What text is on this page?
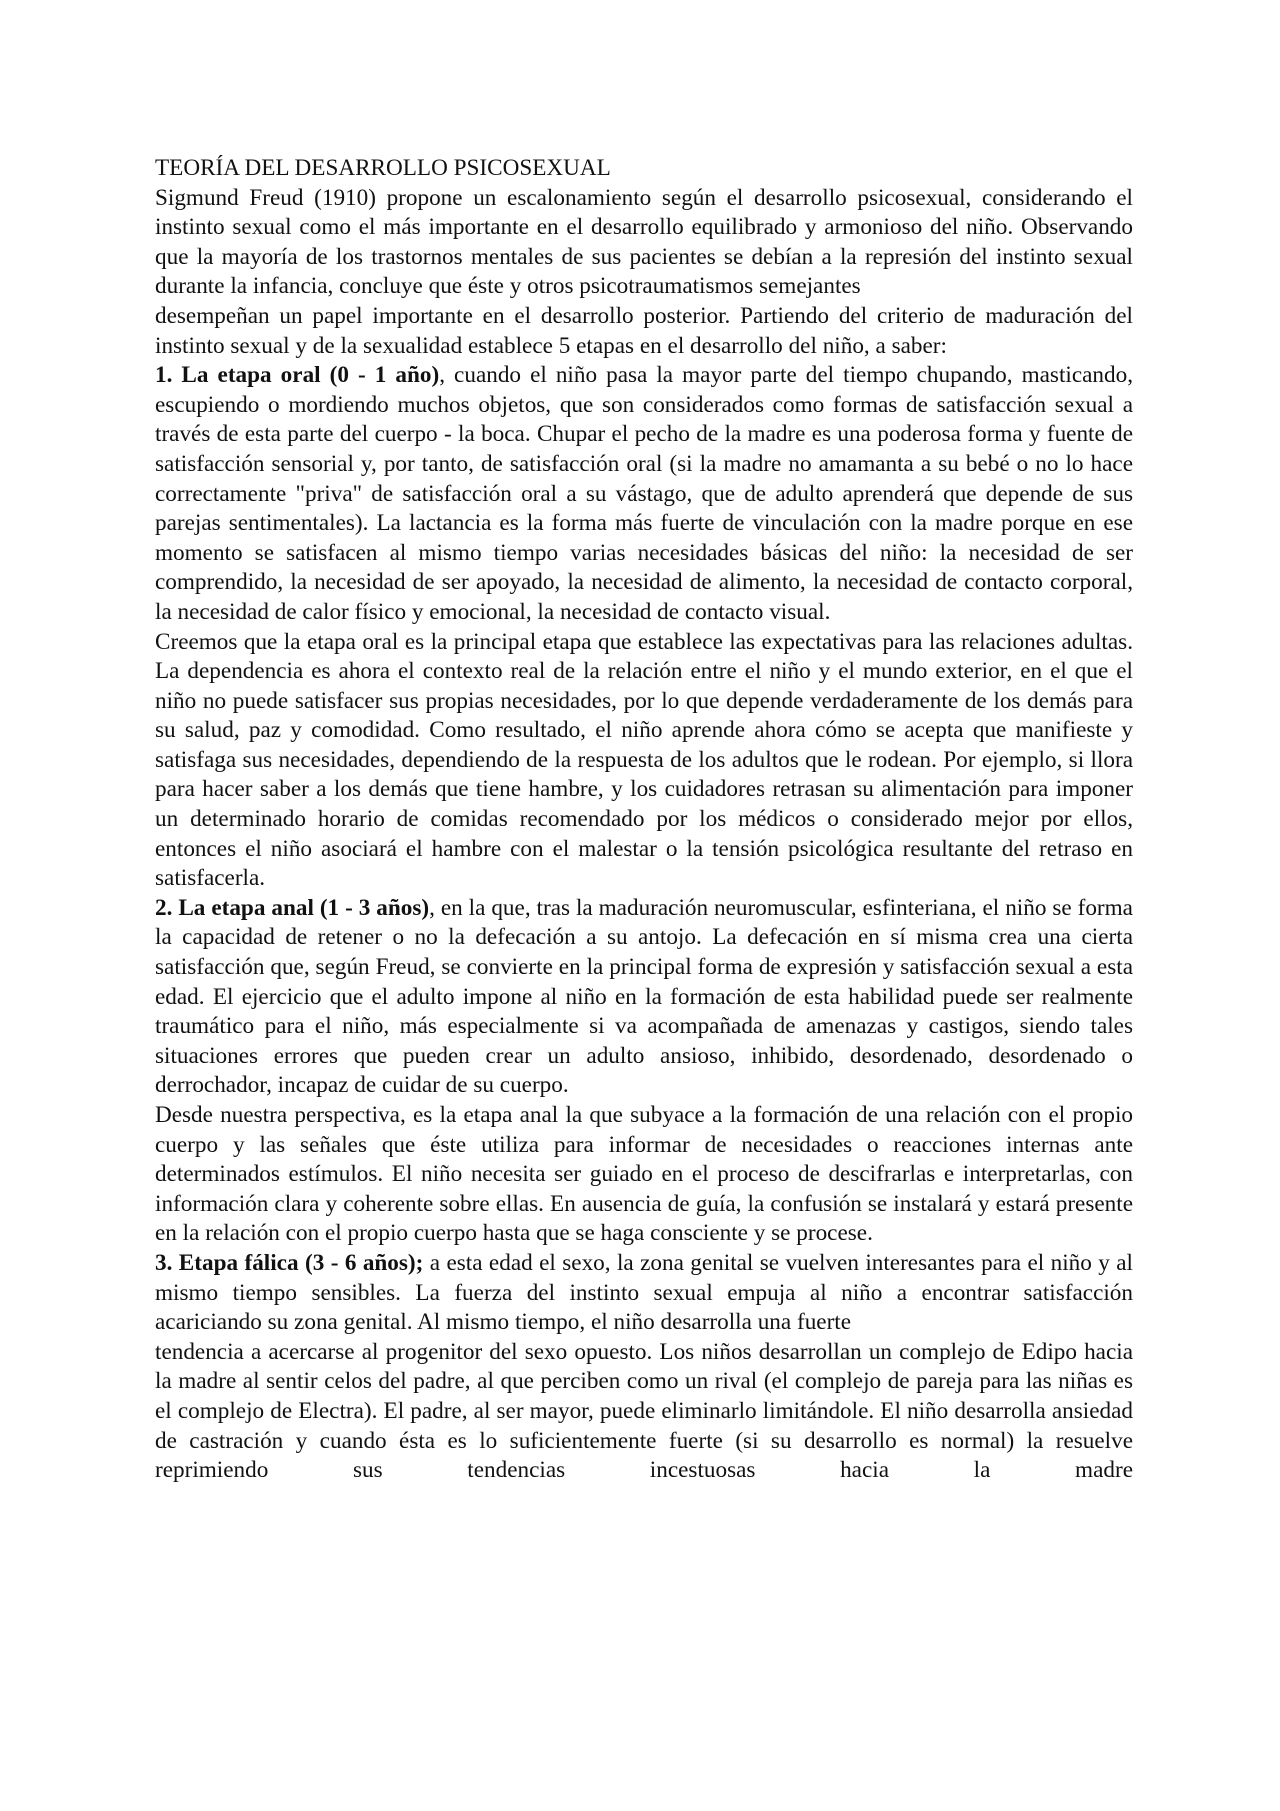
TEORÍA DEL DESARROLLO PSICOSEXUAL

Sigmund Freud (1910) propone un escalonamiento según el desarrollo psicosexual, considerando el instinto sexual como el más importante en el desarrollo equilibrado y armonioso del niño. Observando que la mayoría de los trastornos mentales de sus pacientes se debían a la represión del instinto sexual durante la infancia, concluye que éste y otros psicotraumatismos semejantes

desempeñan un papel importante en el desarrollo posterior. Partiendo del criterio de maduración del instinto sexual y de la sexualidad establece 5 etapas en el desarrollo del niño, a saber:

1. La etapa oral (0 - 1 año), cuando el niño pasa la mayor parte del tiempo chupando, masticando, escupiendo o mordiendo muchos objetos, que son considerados como formas de satisfacción sexual a través de esta parte del cuerpo - la boca. Chupar el pecho de la madre es una poderosa forma y fuente de satisfacción sensorial y, por tanto, de satisfacción oral (si la madre no amamanta a su bebé o no lo hace correctamente "priva" de satisfacción oral a su vástago, que de adulto aprenderá que depende de sus parejas sentimentales). La lactancia es la forma más fuerte de vinculación con la madre porque en ese momento se satisfacen al mismo tiempo varias necesidades básicas del niño: la necesidad de ser comprendido, la necesidad de ser apoyado, la necesidad de alimento, la necesidad de contacto corporal, la necesidad de calor físico y emocional, la necesidad de contacto visual.

Creemos que la etapa oral es la principal etapa que establece las expectativas para las relaciones adultas. La dependencia es ahora el contexto real de la relación entre el niño y el mundo exterior, en el que el niño no puede satisfacer sus propias necesidades, por lo que depende verdaderamente de los demás para su salud, paz y comodidad. Como resultado, el niño aprende ahora cómo se acepta que manifieste y satisfaga sus necesidades, dependiendo de la respuesta de los adultos que le rodean. Por ejemplo, si llora para hacer saber a los demás que tiene hambre, y los cuidadores retrasan su alimentación para imponer un determinado horario de comidas recomendado por los médicos o considerado mejor por ellos, entonces el niño asociará el hambre con el malestar o la tensión psicológica resultante del retraso en satisfacerla.

2. La etapa anal (1 - 3 años), en la que, tras la maduración neuromuscular, esfinteriana, el niño se forma la capacidad de retener o no la defecación a su antojo. La defecación en sí misma crea una cierta satisfacción que, según Freud, se convierte en la principal forma de expresión y satisfacción sexual a esta edad. El ejercicio que el adulto impone al niño en la formación de esta habilidad puede ser realmente traumático para el niño, más especialmente si va acompañada de amenazas y castigos, siendo tales situaciones errores que pueden crear un adulto ansioso, inhibido, desordenado, desordenado o derrochador, incapaz de cuidar de su cuerpo.

Desde nuestra perspectiva, es la etapa anal la que subyace a la formación de una relación con el propio cuerpo y las señales que éste utiliza para informar de necesidades o reacciones internas ante determinados estímulos. El niño necesita ser guiado en el proceso de descifrarlas e interpretarlas, con información clara y coherente sobre ellas. En ausencia de guía, la confusión se instalará y estará presente en la relación con el propio cuerpo hasta que se haga consciente y se procese.

3. Etapa fálica (3 - 6 años); a esta edad el sexo, la zona genital se vuelven interesantes para el niño y al mismo tiempo sensibles. La fuerza del instinto sexual empuja al niño a encontrar satisfacción acariciando su zona genital. Al mismo tiempo, el niño desarrolla una fuerte

tendencia a acercarse al progenitor del sexo opuesto. Los niños desarrollan un complejo de Edipo hacia la madre al sentir celos del padre, al que perciben como un rival (el complejo de pareja para las niñas es el complejo de Electra). El padre, al ser mayor, puede eliminarlo limitándole. El niño desarrolla ansiedad de castración y cuando ésta es lo suficientemente fuerte (si su desarrollo es normal) la resuelve reprimiendo sus tendencias incestuosas hacia la madre
